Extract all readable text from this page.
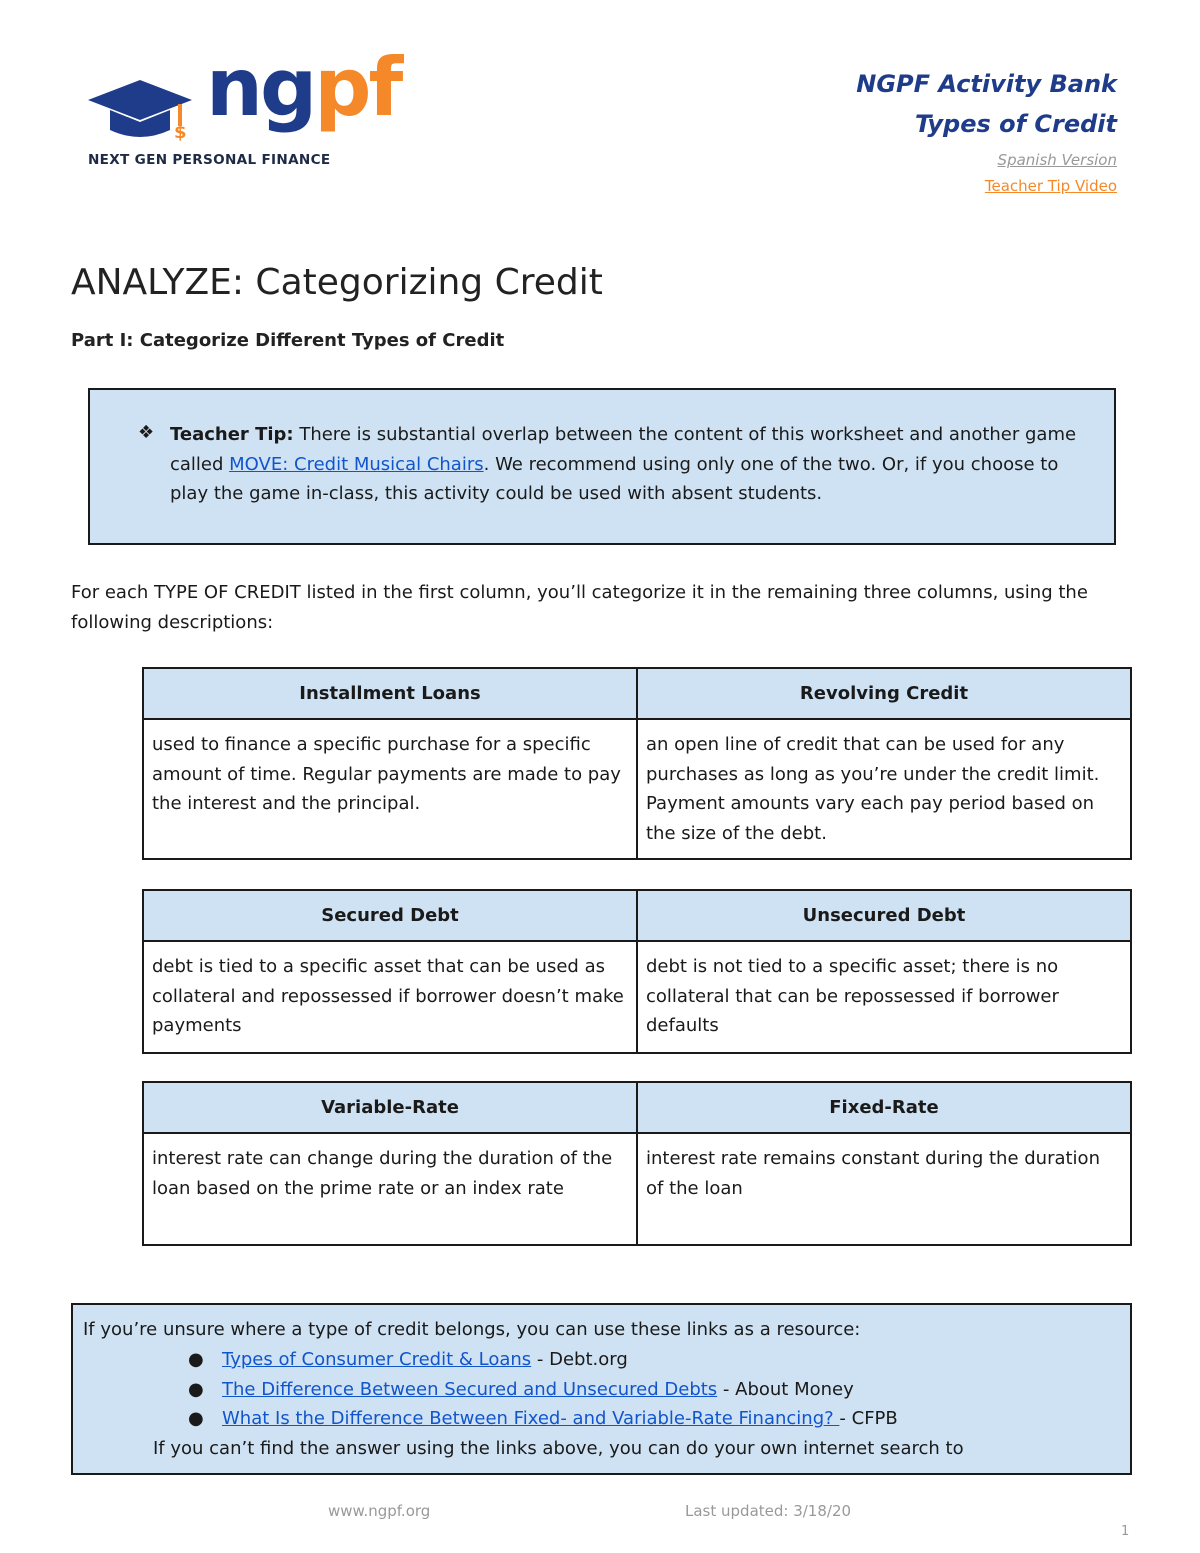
$ ngpf
NEXT GEN PERSONAL FINANCE
NGPF Activity Bank
Types of Credit
Spanish Version
Teacher Tip Video
ANALYZE: Categorizing Credit
Part I: Categorize Different Types of Credit
❖ Teacher Tip: There is substantial overlap between the content of this worksheet and another game called MOVE: Credit Musical Chairs. We recommend using only one of the two. Or, if you choose to play the game in-class, this activity could be used with absent students.
For each TYPE OF CREDIT listed in the first column, you’ll categorize it in the remaining three columns, using the following descriptions:
Installment Loans	Revolving Credit
used to finance a specific purchase for a specific amount of time. Regular payments are made to pay the interest and the principal.	an open line of credit that can be used for any purchases as long as you’re under the credit limit. Payment amounts vary each pay period based on the size of the debt.
Secured Debt	Unsecured Debt
debt is tied to a specific asset that can be used as collateral and repossessed if borrower doesn’t make payments	debt is not tied to a specific asset; there is no collateral that can be repossessed if borrower defaults
Variable-Rate	Fixed-Rate
interest rate can change during the duration of the loan based on the prime rate or an index rate	interest rate remains constant during the duration of the loan
If you’re unsure where a type of credit belongs, you can use these links as a resource:
● Types of Consumer Credit & Loans - Debt.org
● The Difference Between Secured and Unsecured Debts - About Money
● What Is the Difference Between Fixed- and Variable-Rate Financing? - CFPB
If you can’t find the answer using the links above, you can do your own internet search to
www.ngpf.org	Last updated: 3/18/20
1
